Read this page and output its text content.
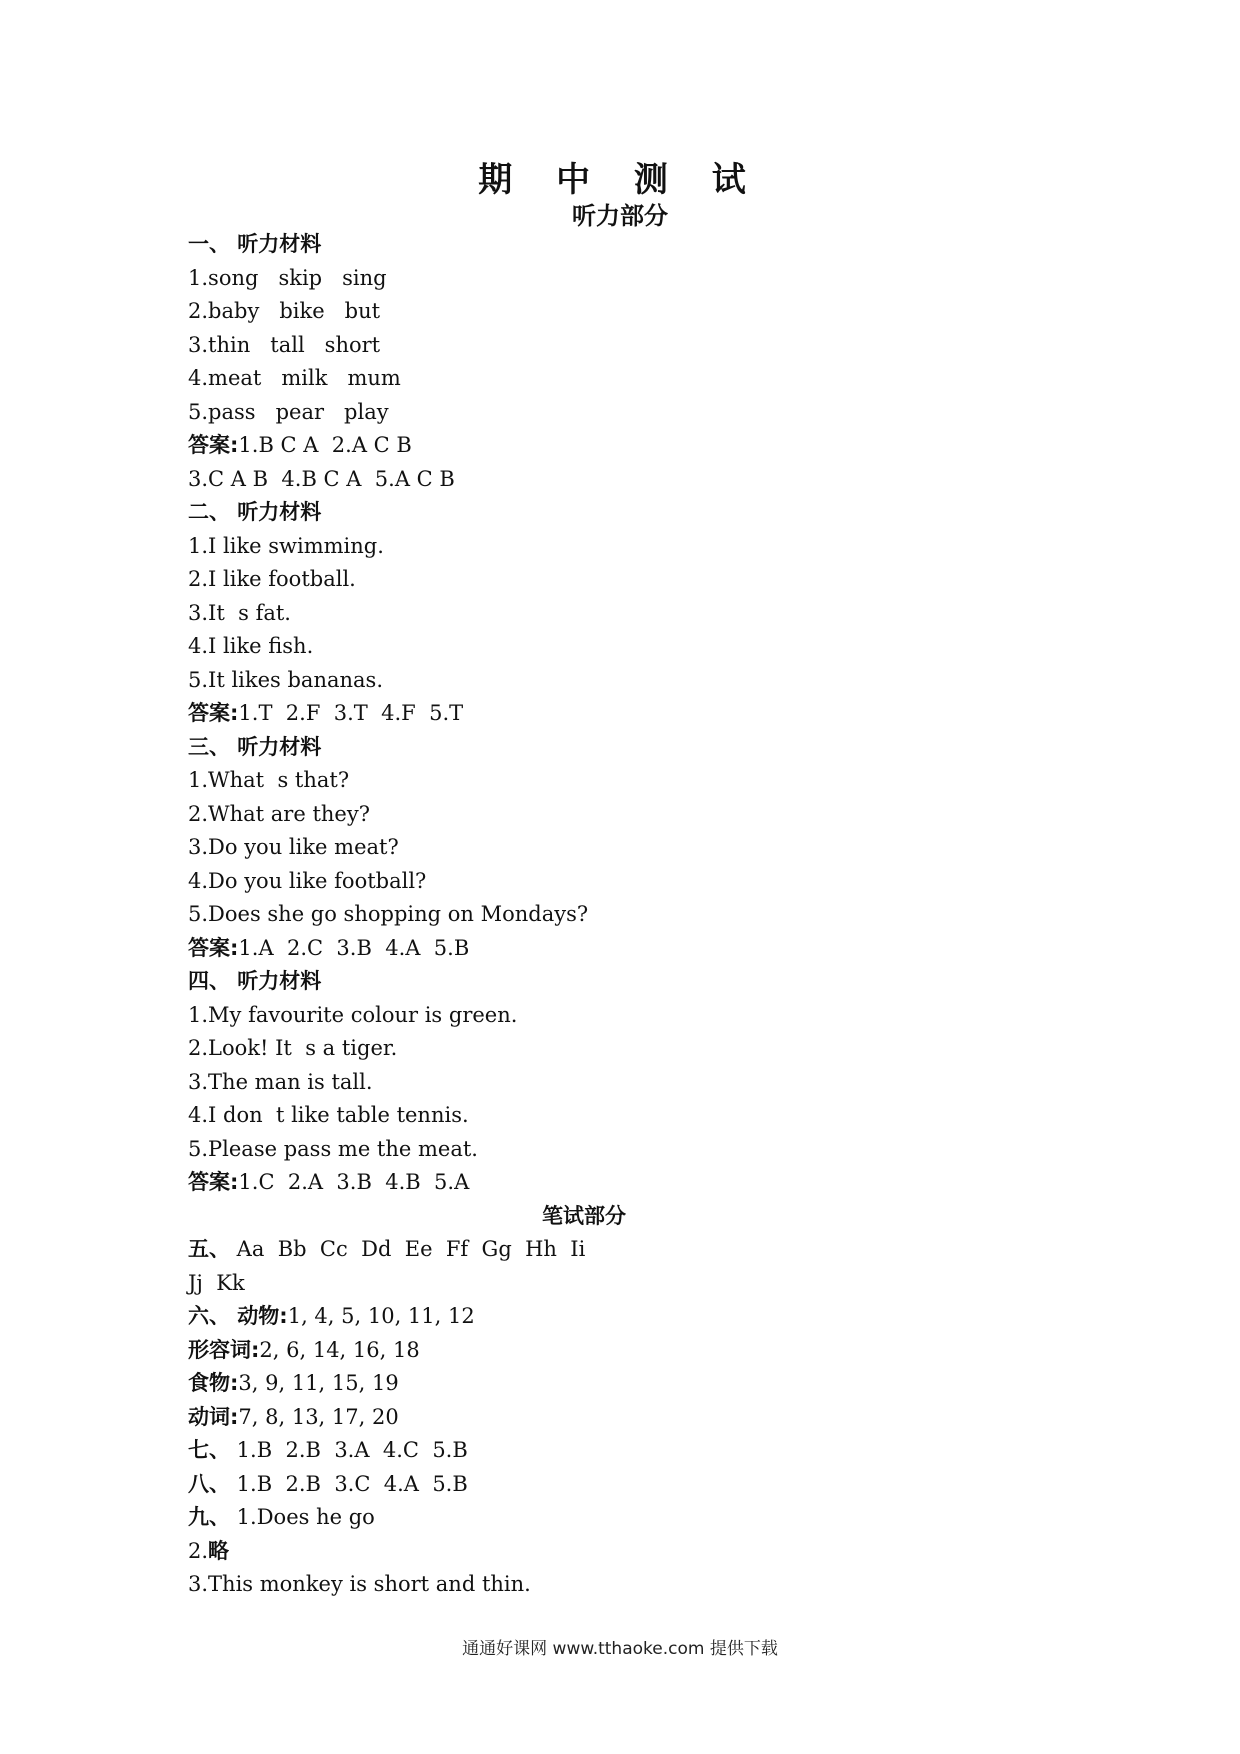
期 中 测 试
听力部分
一、 听力材料
1.song   skip   sing
2.baby   bike   but
3.thin   tall   short
4.meat   milk   mum
5.pass   pear   play
答案:1.B C A  2.A C B
3.C A B  4.B C A  5.A C B
二、 听力材料
1.I like swimming.
2.I like football.
3.It  s fat.
4.I like fish.
5.It likes bananas.
答案:1.T  2.F  3.T  4.F  5.T
三、 听力材料
1.What  s that?
2.What are they?
3.Do you like meat?
4.Do you like football?
5.Does she go shopping on Mondays?
答案:1.A  2.C  3.B  4.A  5.B
四、 听力材料
1.My favourite colour is green.
2.Look! It  s a tiger.
3.The man is tall.
4.I don  t like table tennis.
5.Please pass me the meat.
答案:1.C  2.A  3.B  4.B  5.A
笔试部分
五、 Aa  Bb  Cc  Dd  Ee  Ff  Gg  Hh  Ii
Jj  Kk
六、 动物:1, 4, 5, 10, 11, 12
形容词:2, 6, 14, 16, 18
食物:3, 9, 11, 15, 19
动词:7, 8, 13, 17, 20
七、 1.B  2.B  3.A  4.C  5.B
八、 1.B  2.B  3.C  4.A  5.B
九、 1.Does he go
2.略
3.This monkey is short and thin.
通通好课网 www.tthaoke.com 提供下载
